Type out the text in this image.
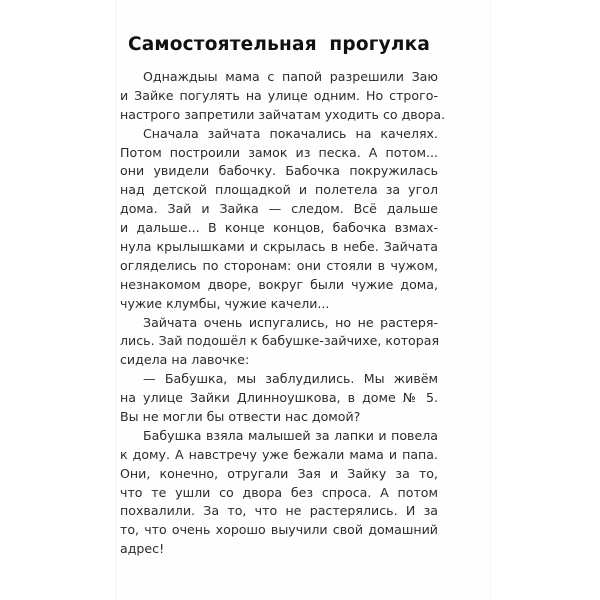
Самостоятельная прогулка
Однаждыы мама с папой разрешили Заю
и Зайке погулять на улице одним. Но строго-
настрого запретили зайчатам уходить со двора.
Сначала зайчата покачались на качелях.
Потом построили замок из песка. А потом...
они увидели бабочку. Бабочка покружилась
над детской площадкой и полетела за угол
дома. Зай и Зайка — следом. Всё дальше
и дальше... В конце концов, бабочка взмах-
нула крылышками и скрылась в небе. Зайчата
огляделись по сторонам: они стояли в чужом,
незнакомом дворе, вокруг были чужие дома,
чужие клумбы, чужие качели...
Зайчата очень испугались, но не растеря-
лись. Зай подошёл к бабушке-зайчихе, которая
сидела на лавочке:
— Бабушка, мы заблудились. Мы живём
на улице Зайки Длинноушкова, в доме № 5.
Вы не могли бы отвести нас домой?
Бабушка взяла малышей за лапки и повела
к дому. А навстречу уже бежали мама и папа.
Они, конечно, отругали Зая и Зайку за то,
что те ушли со двора без спроса. А потом
похвалили. За то, что не растерялись. И за
то, что очень хорошо выучили свой домашний
адрес!
